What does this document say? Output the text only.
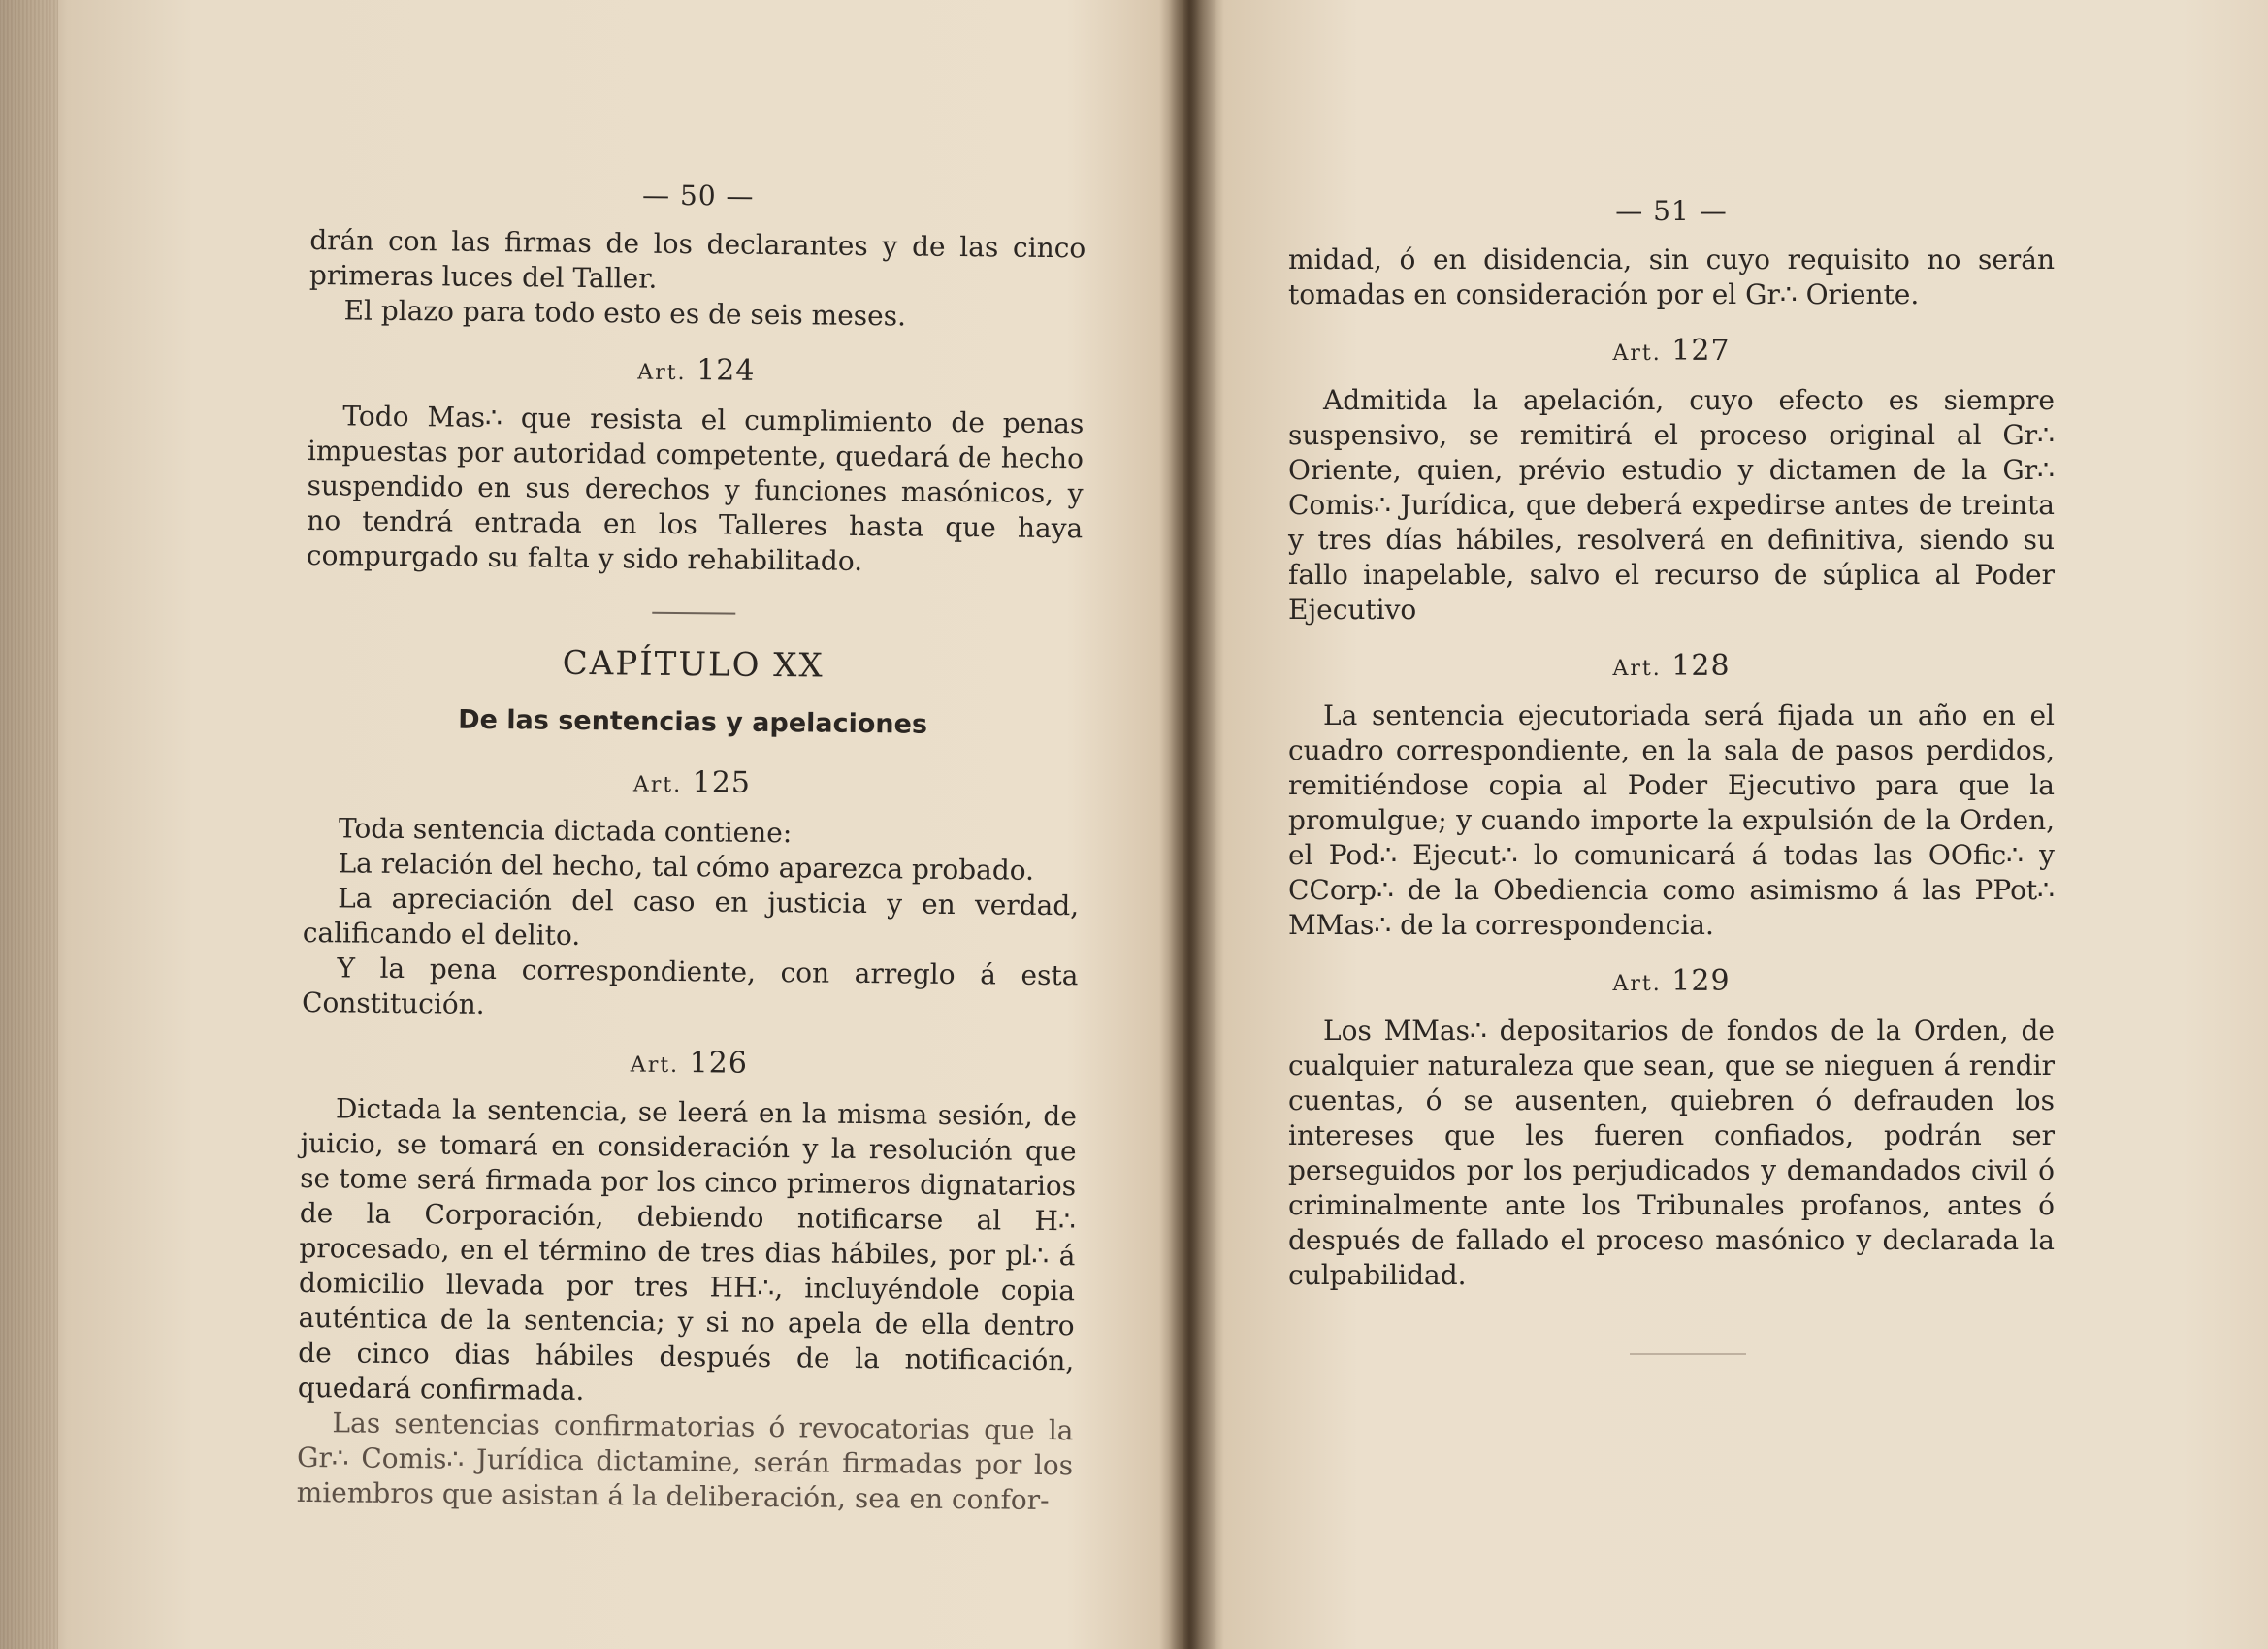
— 50 —

drán con las firmas de los declarantes y de las cinco primeras luces del Taller.

El plazo para todo esto es de seis meses.

Art. 124

Todo Mas∴ que resista el cumplimiento de penas impuestas por autoridad competente, quedará de hecho suspendido en sus derechos y funciones masónicos, y no tendrá entrada en los Talleres hasta que haya compurgado su falta y sido rehabilitado.

CAPÍTULO XX
De las sentencias y apelaciones
Art. 125

Toda sentencia dictada contiene:

La relación del hecho, tal cómo aparezca probado.

La apreciación del caso en justicia y en verdad, calificando el delito.

Y la pena correspondiente, con arreglo á esta Constitución.

Art. 126

Dictada la sentencia, se leerá en la misma sesión, de juicio, se tomará en consideración y la resolución que se tome será firmada por los cinco primeros dignatarios de la Corporación, debiendo notificarse al H∴ procesado, en el término de tres dias hábiles, por pl∴ á domicilio llevada por tres HH∴, incluyéndole copia auténtica de la sentencia; y si no apela de ella dentro de cinco dias hábiles después de la notificación, quedará confirmada.

Las sentencias confirmatorias ó revocatorias que la Gr∴ Comis∴ Jurídica dictamine, serán firmadas por los miembros que asistan á la deliberación, sea en confor-

— 51 —

midad, ó en disidencia, sin cuyo requisito no serán tomadas en consideración por el Gr∴ Oriente.

Art. 127

Admitida la apelación, cuyo efecto es siempre suspensivo, se remitirá el proceso original al Gr∴ Oriente, quien, prévio estudio y dictamen de la Gr∴ Comis∴ Jurídica, que deberá expedirse antes de treinta y tres días hábiles, resolverá en definitiva, siendo su fallo inapelable, salvo el recurso de súplica al Poder Ejecutivo

Art. 128

La sentencia ejecutoriada será fijada un año en el cuadro correspondiente, en la sala de pasos perdidos, remitiéndose copia al Poder Ejecutivo para que la promulgue; y cuando importe la expulsión de la Orden, el Pod∴ Ejecut∴ lo comunicará á todas las OOfic∴ y CCorp∴ de la Obediencia como asimismo á las PPot∴ MMas∴ de la correspondencia.

Art. 129

Los MMas∴ depositarios de fondos de la Orden, de cualquier naturaleza que sean, que se nieguen á rendir cuentas, ó se ausenten, quiebren ó defrauden los intereses que les fueren confiados, podrán ser perseguidos por los perjudicados y demandados civil ó criminalmente ante los Tribunales profanos, antes ó después de fallado el proceso masónico y declarada la culpabilidad.
